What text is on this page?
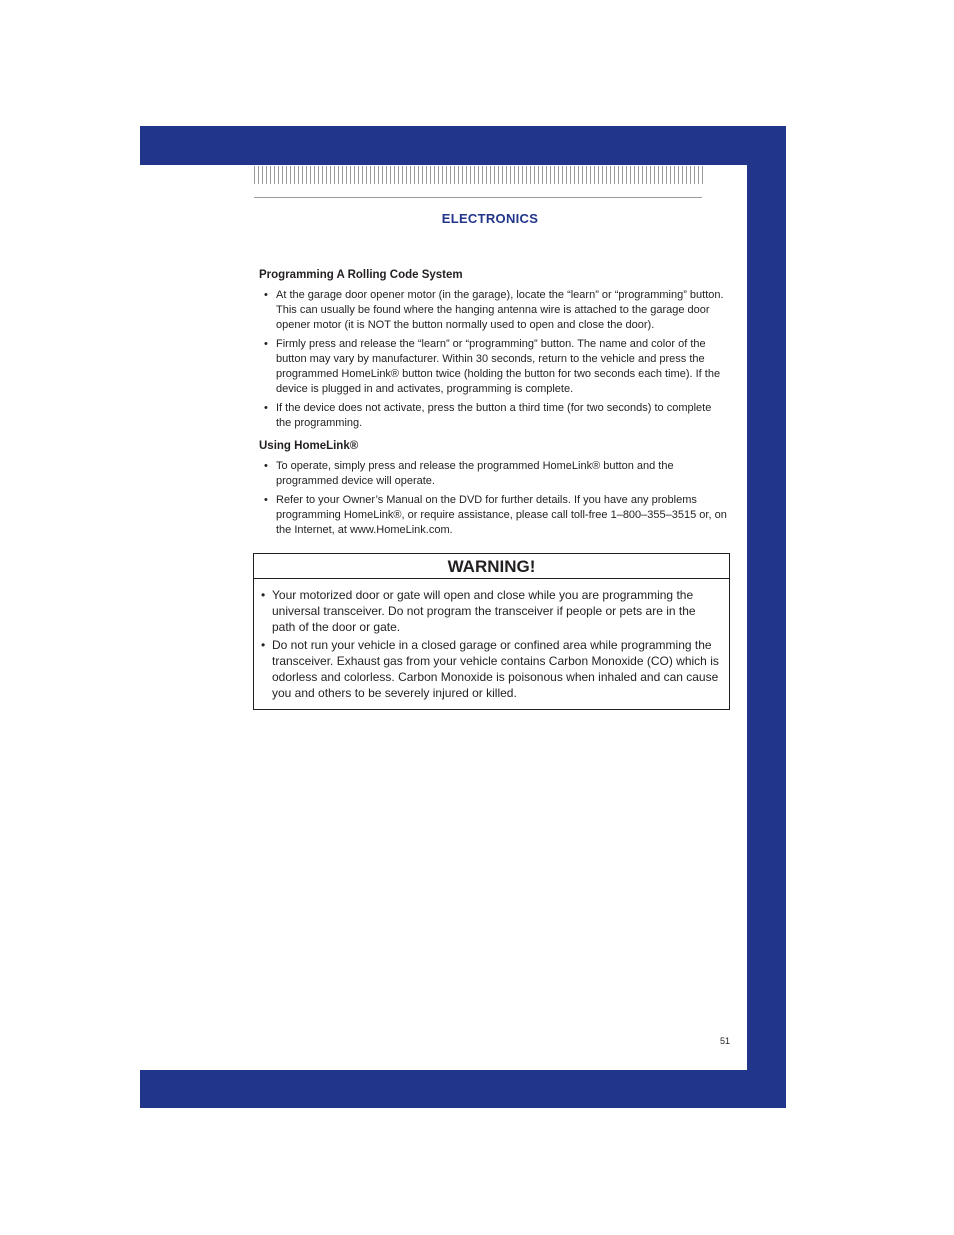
ELECTRONICS
Programming A Rolling Code System
• At the garage door opener motor (in the garage), locate the “learn” or “programming” button. This can usually be found where the hanging antenna wire is attached to the garage door opener motor (it is NOT the button normally used to open and close the door).
• Firmly press and release the “learn” or “programming” button. The name and color of the button may vary by manufacturer. Within 30 seconds, return to the vehicle and press the programmed HomeLink® button twice (holding the button for two seconds each time). If the device is plugged in and activates, programming is complete.
• If the device does not activate, press the button a third time (for two seconds) to complete the programming.
Using HomeLink®
• To operate, simply press and release the programmed HomeLink® button and the programmed device will operate.
• Refer to your Owner’s Manual on the DVD for further details. If you have any problems programming HomeLink®, or require assistance, please call toll-free 1–800–355–3515 or, on the Internet, at www.HomeLink.com.
WARNING!
• Your motorized door or gate will open and close while you are programming the universal transceiver. Do not program the transceiver if people or pets are in the path of the door or gate.
• Do not run your vehicle in a closed garage or confined area while programming the transceiver. Exhaust gas from your vehicle contains Carbon Monoxide (CO) which is odorless and colorless. Carbon Monoxide is poisonous when inhaled and can cause you and others to be severely injured or killed.
51
